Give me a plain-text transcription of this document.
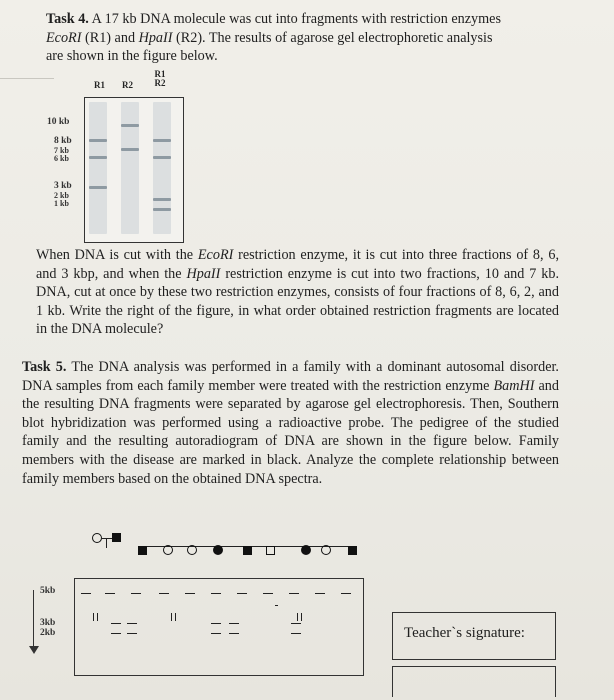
Task 4. A 17 kb DNA molecule was cut into fragments with restriction enzymes
EcoRI (R1) and HpaII (R2). The results of agarose gel electrophoretic analysis
are shown in the figure below.
R1 R2
R1 R2
10 kb
8 kb
7 kb
6 kb
3 kb
2 kb
1 kb
When DNA is cut with the EcoRI restriction enzyme, it is cut into three fractions of 8, 6, and 3 kbp, and when the HpaII restriction enzyme is cut into two fractions, 10 and 7 kb. DNA, cut at once by these two restriction enzymes, consists of four fractions of 8, 6, 2, and 1 kb. Write the right of the figure, in what order obtained restriction fragments are located in the DNA molecule?
Task 5. The DNA analysis was performed in a family with a dominant autosomal disorder. DNA samples from each family member were treated with the restriction enzyme BamHI and the resulting DNA fragments were separated by agarose gel electrophoresis. Then, Southern blot hybridization was performed using a radioactive probe. The pedigree of the studied family and the resulting autoradiogram of DNA are shown in the figure below. Family members with the disease are marked in black. Analyze the complete relationship between family members based on the obtained DNA spectra.
5kb
3kb
2kb	Teacher`s signature:
